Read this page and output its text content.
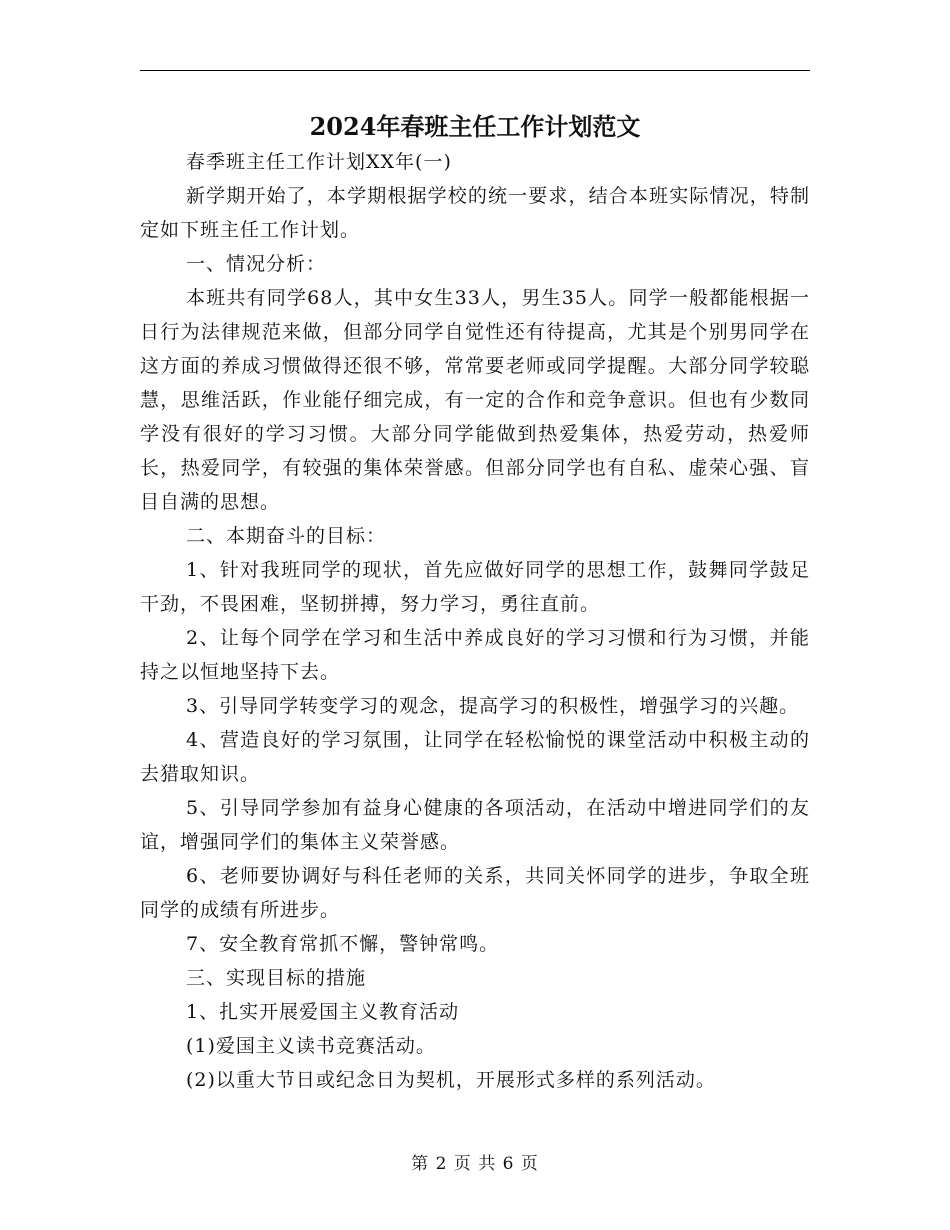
2024年春班主任工作计划范文

春季班主任工作计划XX年(一)

新学期开始了，本学期根据学校的统一要求，结合本班实际情况，特制定如下班主任工作计划。

一、情况分析：

本班共有同学68人，其中女生33人，男生35人。同学一般都能根据一日行为法律规范来做，但部分同学自觉性还有待提高，尤其是个别男同学在这方面的养成习惯做得还很不够，常常要老师或同学提醒。大部分同学较聪慧，思维活跃，作业能仔细完成，有一定的合作和竞争意识。但也有少数同学没有很好的学习习惯。大部分同学能做到热爱集体，热爱劳动，热爱师长，热爱同学，有较强的集体荣誉感。但部分同学也有自私、虚荣心强、盲目自满的思想。

二、本期奋斗的目标：

1、针对我班同学的现状，首先应做好同学的思想工作，鼓舞同学鼓足干劲，不畏困难，坚韧拼搏，努力学习，勇往直前。

2、让每个同学在学习和生活中养成良好的学习习惯和行为习惯，并能持之以恒地坚持下去。

3、引导同学转变学习的观念，提高学习的积极性，增强学习的兴趣。

4、营造良好的学习氛围，让同学在轻松愉悦的课堂活动中积极主动的去猎取知识。

5、引导同学参加有益身心健康的各项活动，在活动中增进同学们的友谊，增强同学们的集体主义荣誉感。

6、老师要协调好与科任老师的关系，共同关怀同学的进步，争取全班同学的成绩有所进步。

7、安全教育常抓不懈，警钟常鸣。

三、实现目标的措施

1、扎实开展爱国主义教育活动

(1)爱国主义读书竞赛活动。

(2)以重大节日或纪念日为契机，开展形式多样的系列活动。

第 2 页 共 6 页
